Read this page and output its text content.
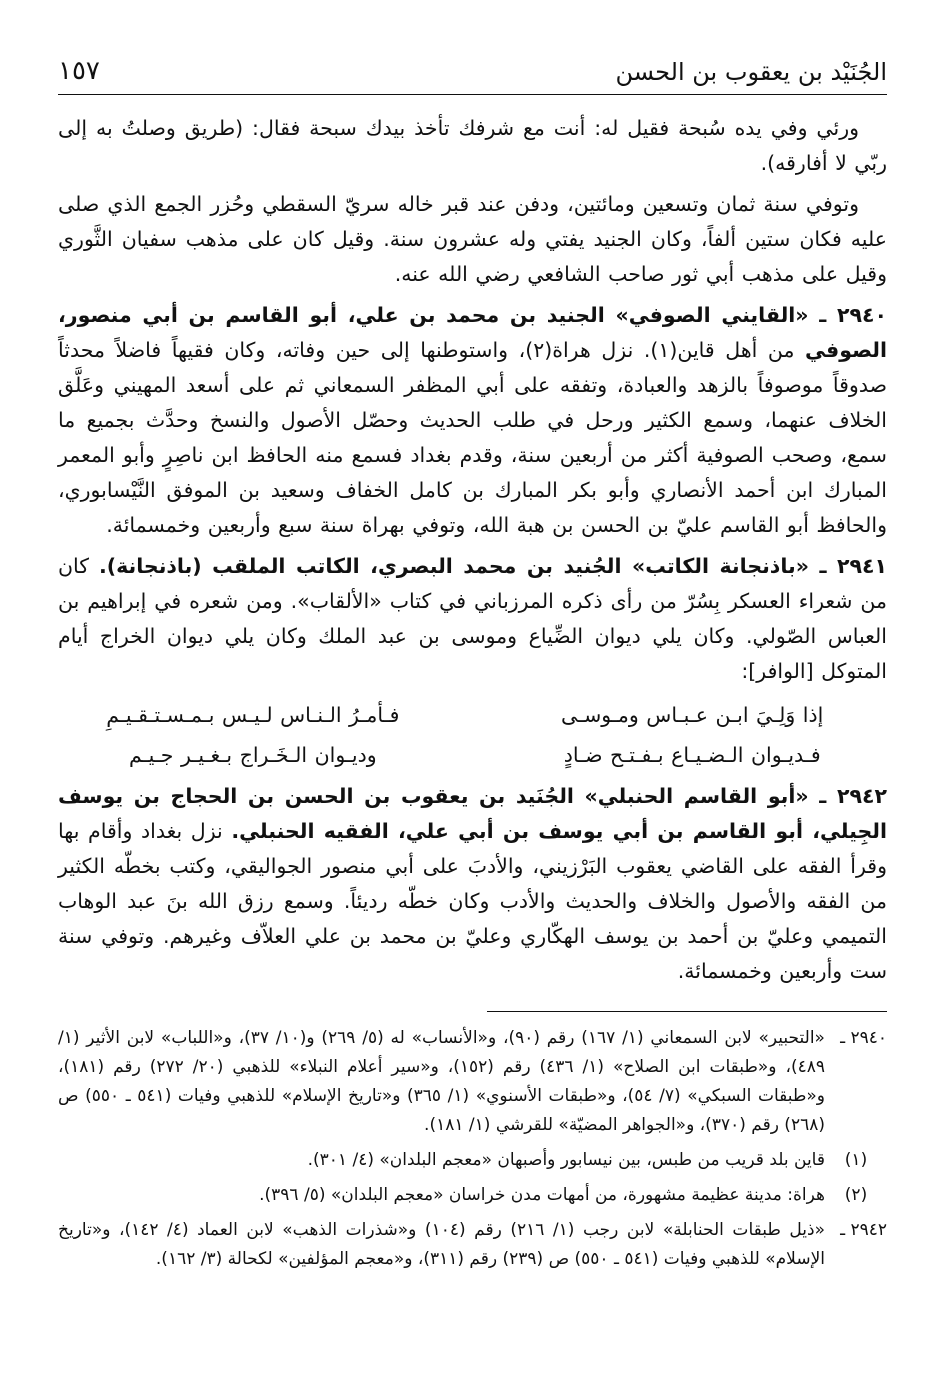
الجُنَيْد بن يعقوب بن الحسن
١٥٧

ورئي وفي يده سُبحة فقيل له: أنت مع شرفك تأخذ بيدك سبحة فقال: (طريق وصلتُ به إلى ربّي لا أفارقه).

وتوفي سنة ثمان وتسعين ومائتين، ودفن عند قبر خاله سريّ السقطي وحُزر الجمع الذي صلى عليه فكان ستين ألفاً، وكان الجنيد يفتي وله عشرون سنة. وقيل كان على مذهب سفيان الثَّوري وقيل على مذهب أبي ثور صاحب الشافعي رضي الله عنه.

٢٩٤٠ ـ «القايني الصوفي» الجنيد بن محمد بن علي، أبو القاسم بن أبي منصور، الصوفي من أهل قاين(١). نزل هراة(٢)، واستوطنها إلى حين وفاته، وكان فقيهاً فاضلاً محدثاً صدوقاً موصوفاً بالزهد والعبادة، وتفقه على أبي المظفر السمعاني ثم على أسعد المهيني وعَلَّق الخلاف عنهما، وسمع الكثير ورحل في طلب الحديث وحصّل الأصول والنسخ وحدَّث بجميع ما سمع، وصحب الصوفية أكثر من أربعين سنة، وقدم بغداد فسمع منه الحافظ ابن ناصِرٍ وأبو المعمر المبارك ابن أحمد الأنصاري وأبو بكر المبارك بن كامل الخفاف وسعيد بن الموفق النَّيْسابوري، والحافظ أبو القاسم عليّ بن الحسن بن هبة الله، وتوفي بهراة سنة سبع وأربعين وخمسمائة.

٢٩٤١ ـ «باذنجانة الكاتب» الجُنيد بن محمد البصري، الكاتب الملقب (باذنجانة). كان من شعراء العسكر بِسُرّ من رأى ذكره المرزباني في كتاب «الألقاب». ومن شعره في إبراهيم بن العباس الصّولي. وكان يلي ديوان الضِّياع وموسى بن عبد الملك وكان يلي ديوان الخراج أيام المتوكل [الوافر]:

إذا وَلِـيَ ابـن عـبـاس ومـوسـى
فـأمـرُ الـنـاس لـيـس بـمـسـتـقـيـمِ
فـديـوان الـضـيـاع بـفـتـح ضـادٍ
وديـوان الـخَـراج بـغـيـر جـيـم

٢٩٤٢ ـ «أبو القاسم الحنبلي» الجُنَيد بن يعقوب بن الحسن بن الحجاج بن يوسف الجِيلي، أبو القاسم بن أبي يوسف بن أبي علي، الفقيه الحنبلي. نزل بغداد وأقام بها وقرأ الفقه على القاضي يعقوب البَرْزيني، والأدبَ على أبي منصور الجواليقي، وكتب بخطّه الكثير من الفقه والأصول والخلاف والحديث والأدب وكان خطّه رديئاً. وسمع رزق الله بنَ عبد الوهاب التميمي وعليّ بن أحمد بن يوسف الهكّاري وعليّ بن محمد بن علي العلاّف وغيرهم. وتوفي سنة ست وأربعين وخمسمائة.

٢٩٤٠ ـ
«التحبير» لابن السمعاني (١/ ١٦٧) رقم (٩٠)، و«الأنساب» له (٥/ ٢٦٩) و(١٠/ ٣٧)، و«اللباب» لابن الأثير (١/ ٤٨٩)، و«طبقات ابن الصلاح» (١/ ٤٣٦) رقم (١٥٢)، و«سير أعلام النبلاء» للذهبي (٢٠/ ٢٧٢) رقم (١٨١)، و«طبقات السبكي» (٧/ ٥٤)، و«طبقات الأسنوي» (١/ ٣٦٥) و«تاريخ الإسلام» للذهبي وفيات (٥٤١ ـ ٥٥٠) ص (٢٦٨) رقم (٣٧٠)، و«الجواهر المضيّة» للقرشي (١/ ١٨١).
(١)
قاين بلد قريب من طبس، بين نيسابور وأصبهان «معجم البلدان» (٤/ ٣٠١).
(٢)
هراة: مدينة عظيمة مشهورة، من أمهات مدن خراسان «معجم البلدان» (٥/ ٣٩٦).
٢٩٤٢ ـ
«ذيل طبقات الحنابلة» لابن رجب (١/ ٢١٦) رقم (١٠٤) و«شذرات الذهب» لابن العماد (٤/ ١٤٢)، و«تاريخ الإسلام» للذهبي وفيات (٥٤١ ـ ٥٥٠) ص (٢٣٩) رقم (٣١١)، و«معجم المؤلفين» لكحالة (٣/ ١٦٢).
